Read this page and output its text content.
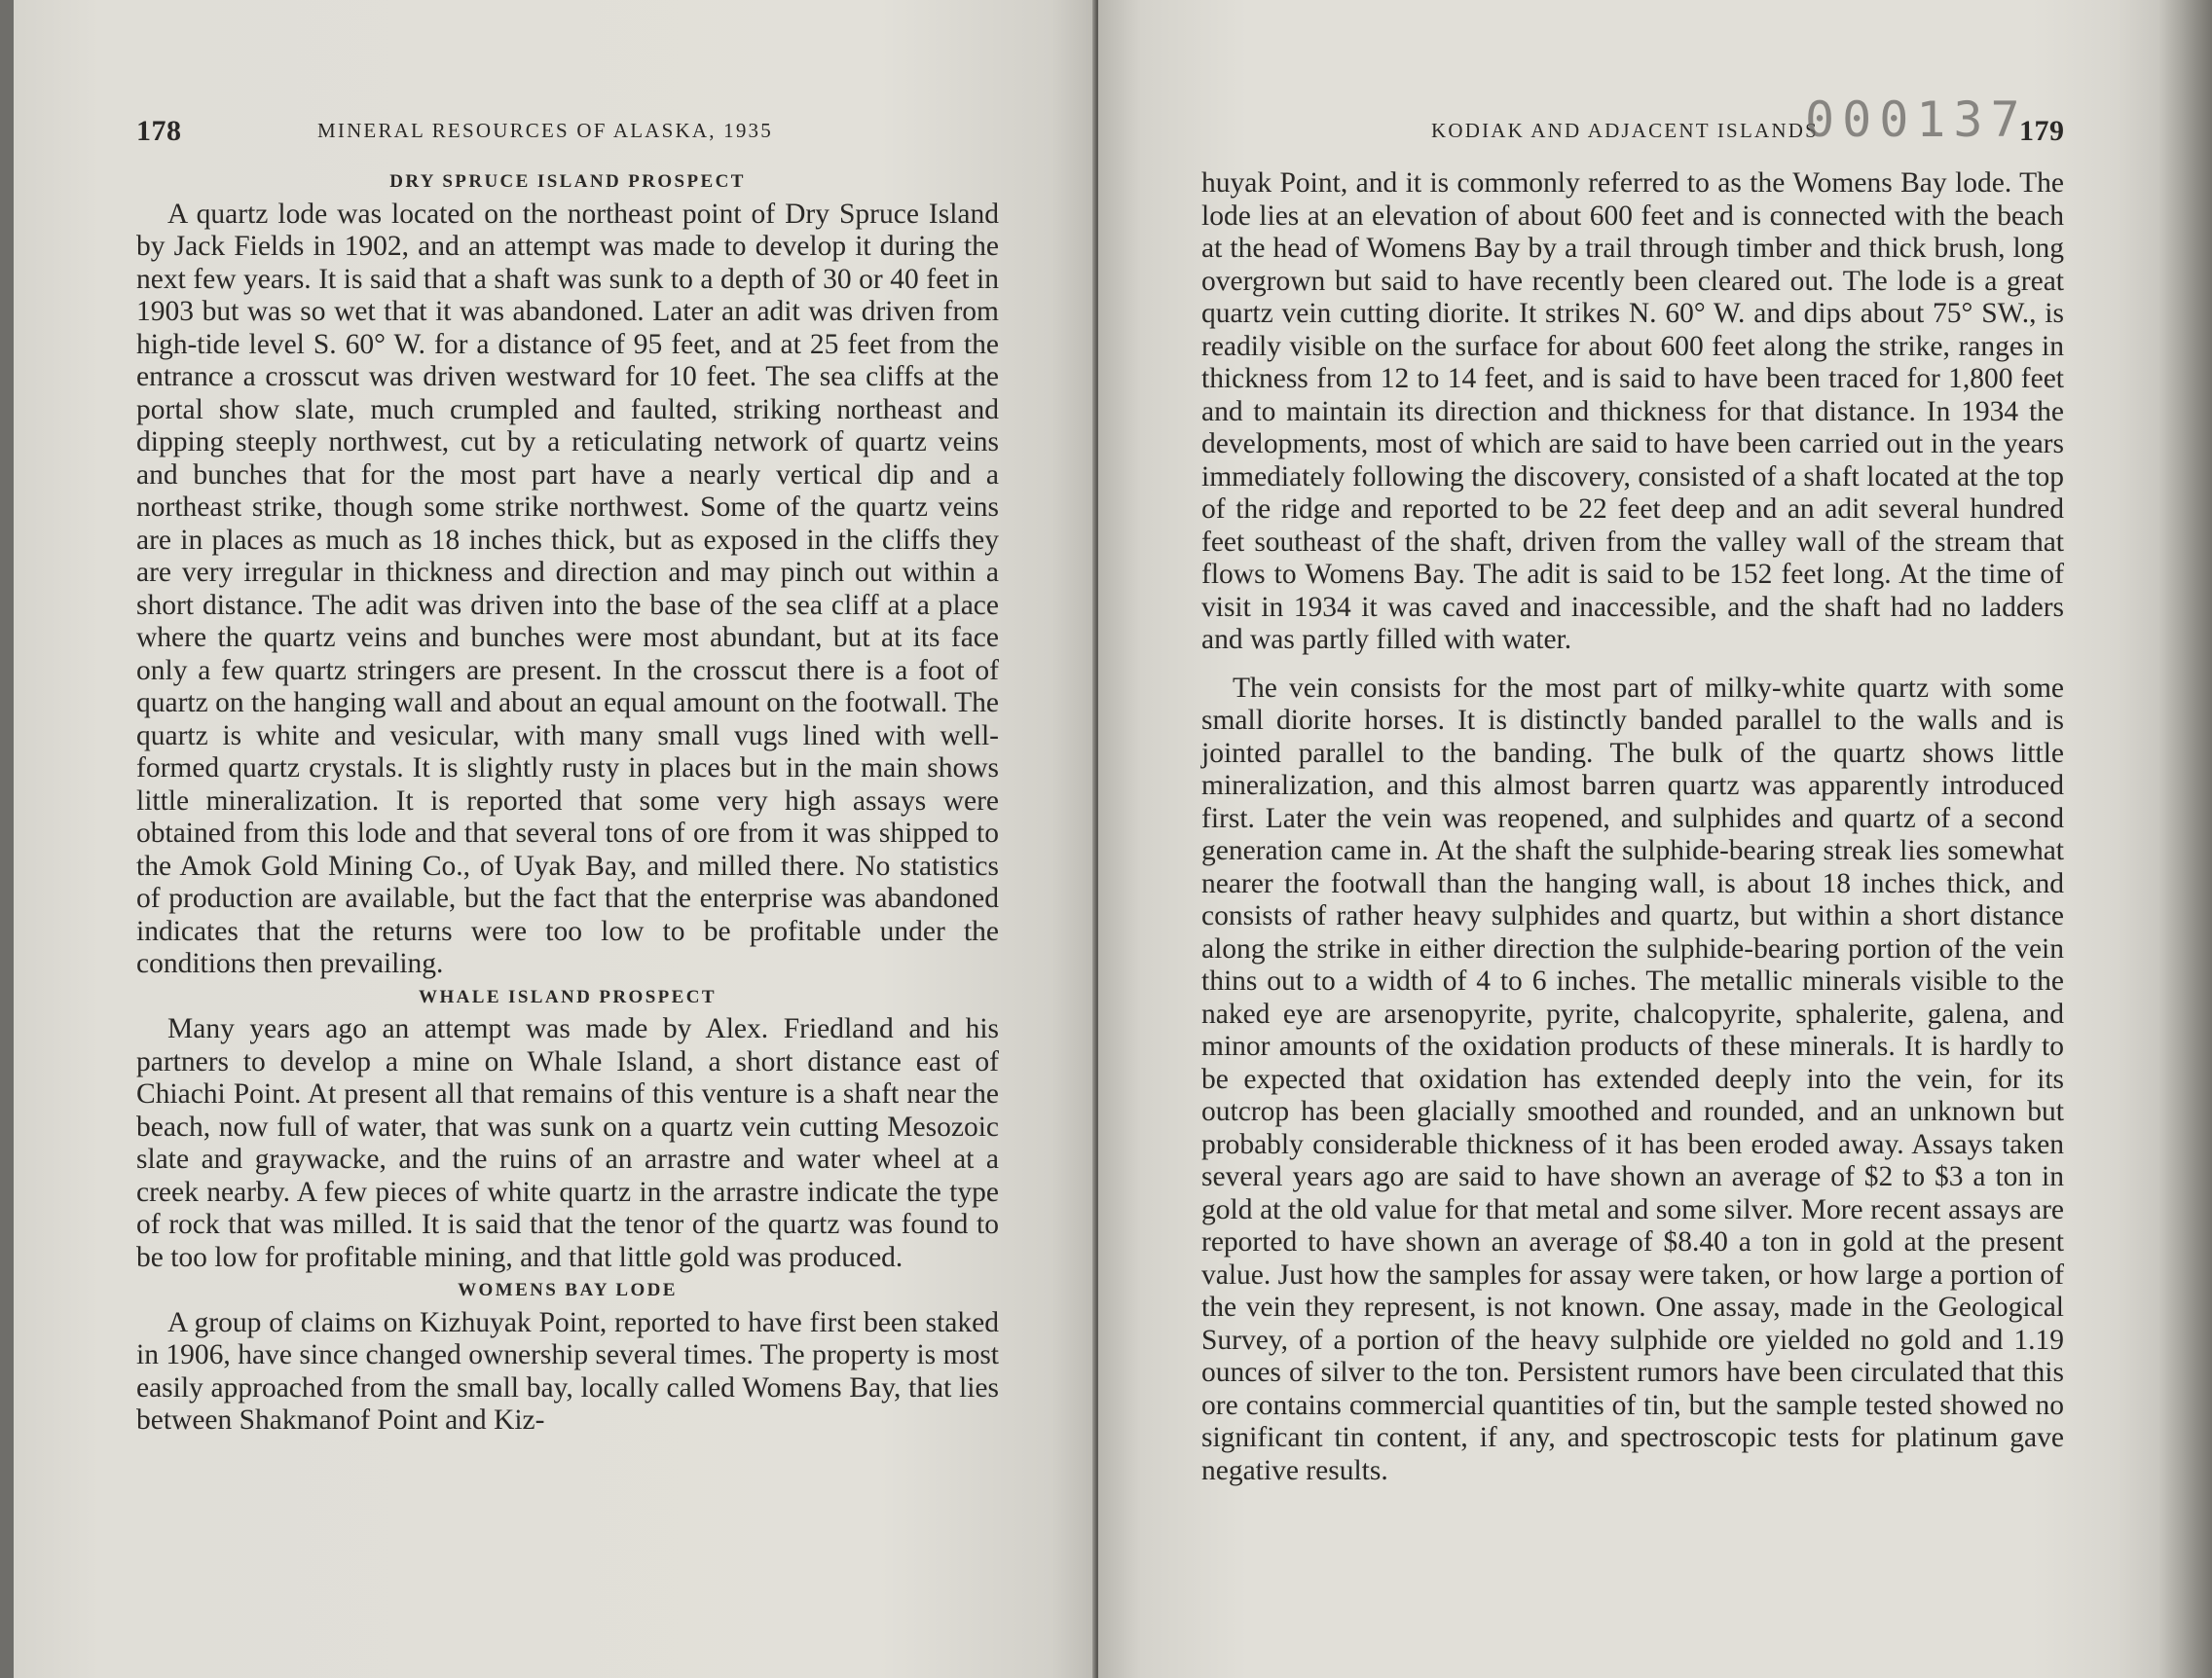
178	MINERAL RESOURCES OF ALASKA, 1935	KODIAK AND ADJACENT ISLANDS
000137
179

DRY SPRUCE ISLAND PROSPECT

A quartz lode was located on the northeast point of Dry Spruce Island by Jack Fields in 1902, and an attempt was made to develop it during the next few years. It is said that a shaft was sunk to a depth of 30 or 40 feet in 1903 but was so wet that it was abandoned. Later an adit was driven from high-tide level S. 60° W. for a distance of 95 feet, and at 25 feet from the entrance a crosscut was driven westward for 10 feet. The sea cliffs at the portal show slate, much crumpled and faulted, striking northeast and dipping steeply northwest, cut by a reticulating network of quartz veins and bunches that for the most part have a nearly vertical dip and a northeast strike, though some strike northwest. Some of the quartz veins are in places as much as 18 inches thick, but as exposed in the cliffs they are very irregular in thickness and direction and may pinch out within a short distance. The adit was driven into the base of the sea cliff at a place where the quartz veins and bunches were most abundant, but at its face only a few quartz stringers are present. In the crosscut there is a foot of quartz on the hanging wall and about an equal amount on the footwall. The quartz is white and vesicular, with many small vugs lined with well-formed quartz crystals. It is slightly rusty in places but in the main shows little mineralization. It is reported that some very high assays were obtained from this lode and that several tons of ore from it was shipped to the Amok Gold Mining Co., of Uyak Bay, and milled there. No statistics of production are available, but the fact that the enterprise was abandoned indicates that the returns were too low to be profitable under the conditions then prevailing.

WHALE ISLAND PROSPECT

Many years ago an attempt was made by Alex. Friedland and his partners to develop a mine on Whale Island, a short distance east of Chiachi Point. At present all that remains of this venture is a shaft near the beach, now full of water, that was sunk on a quartz vein cutting Mesozoic slate and graywacke, and the ruins of an arrastre and water wheel at a creek nearby. A few pieces of white quartz in the arrastre indicate the type of rock that was milled. It is said that the tenor of the quartz was found to be too low for profitable mining, and that little gold was produced.

WOMENS BAY LODE

A group of claims on Kizhuyak Point, reported to have first been staked in 1906, have since changed ownership several times. The property is most easily approached from the small bay, locally called Womens Bay, that lies between Shakmanof Point and Kiz-

huyak Point, and it is commonly referred to as the Womens Bay lode. The lode lies at an elevation of about 600 feet and is connected with the beach at the head of Womens Bay by a trail through timber and thick brush, long overgrown but said to have recently been cleared out. The lode is a great quartz vein cutting diorite. It strikes N. 60° W. and dips about 75° SW., is readily visible on the surface for about 600 feet along the strike, ranges in thickness from 12 to 14 feet, and is said to have been traced for 1,800 feet and to maintain its direction and thickness for that distance. In 1934 the developments, most of which are said to have been carried out in the years immediately following the discovery, consisted of a shaft located at the top of the ridge and reported to be 22 feet deep and an adit several hundred feet southeast of the shaft, driven from the valley wall of the stream that flows to Womens Bay. The adit is said to be 152 feet long. At the time of visit in 1934 it was caved and inaccessible, and the shaft had no ladders and was partly filled with water.

The vein consists for the most part of milky-white quartz with some small diorite horses. It is distinctly banded parallel to the walls and is jointed parallel to the banding. The bulk of the quartz shows little mineralization, and this almost barren quartz was apparently introduced first. Later the vein was reopened, and sulphides and quartz of a second generation came in. At the shaft the sulphide-bearing streak lies somewhat nearer the footwall than the hanging wall, is about 18 inches thick, and consists of rather heavy sulphides and quartz, but within a short distance along the strike in either direction the sulphide-bearing portion of the vein thins out to a width of 4 to 6 inches. The metallic minerals visible to the naked eye are arsenopyrite, pyrite, chalcopyrite, sphalerite, galena, and minor amounts of the oxidation products of these minerals. It is hardly to be expected that oxidation has extended deeply into the vein, for its outcrop has been glacially smoothed and rounded, and an unknown but probably considerable thickness of it has been eroded away. Assays taken several years ago are said to have shown an average of $2 to $3 a ton in gold at the old value for that metal and some silver. More recent assays are reported to have shown an average of $8.40 a ton in gold at the present value. Just how the samples for assay were taken, or how large a portion of the vein they represent, is not known. One assay, made in the Geological Survey, of a portion of the heavy sulphide ore yielded no gold and 1.19 ounces of silver to the ton. Persistent rumors have been circulated that this ore contains commercial quantities of tin, but the sample tested showed no significant tin content, if any, and spectroscopic tests for platinum gave negative results.
